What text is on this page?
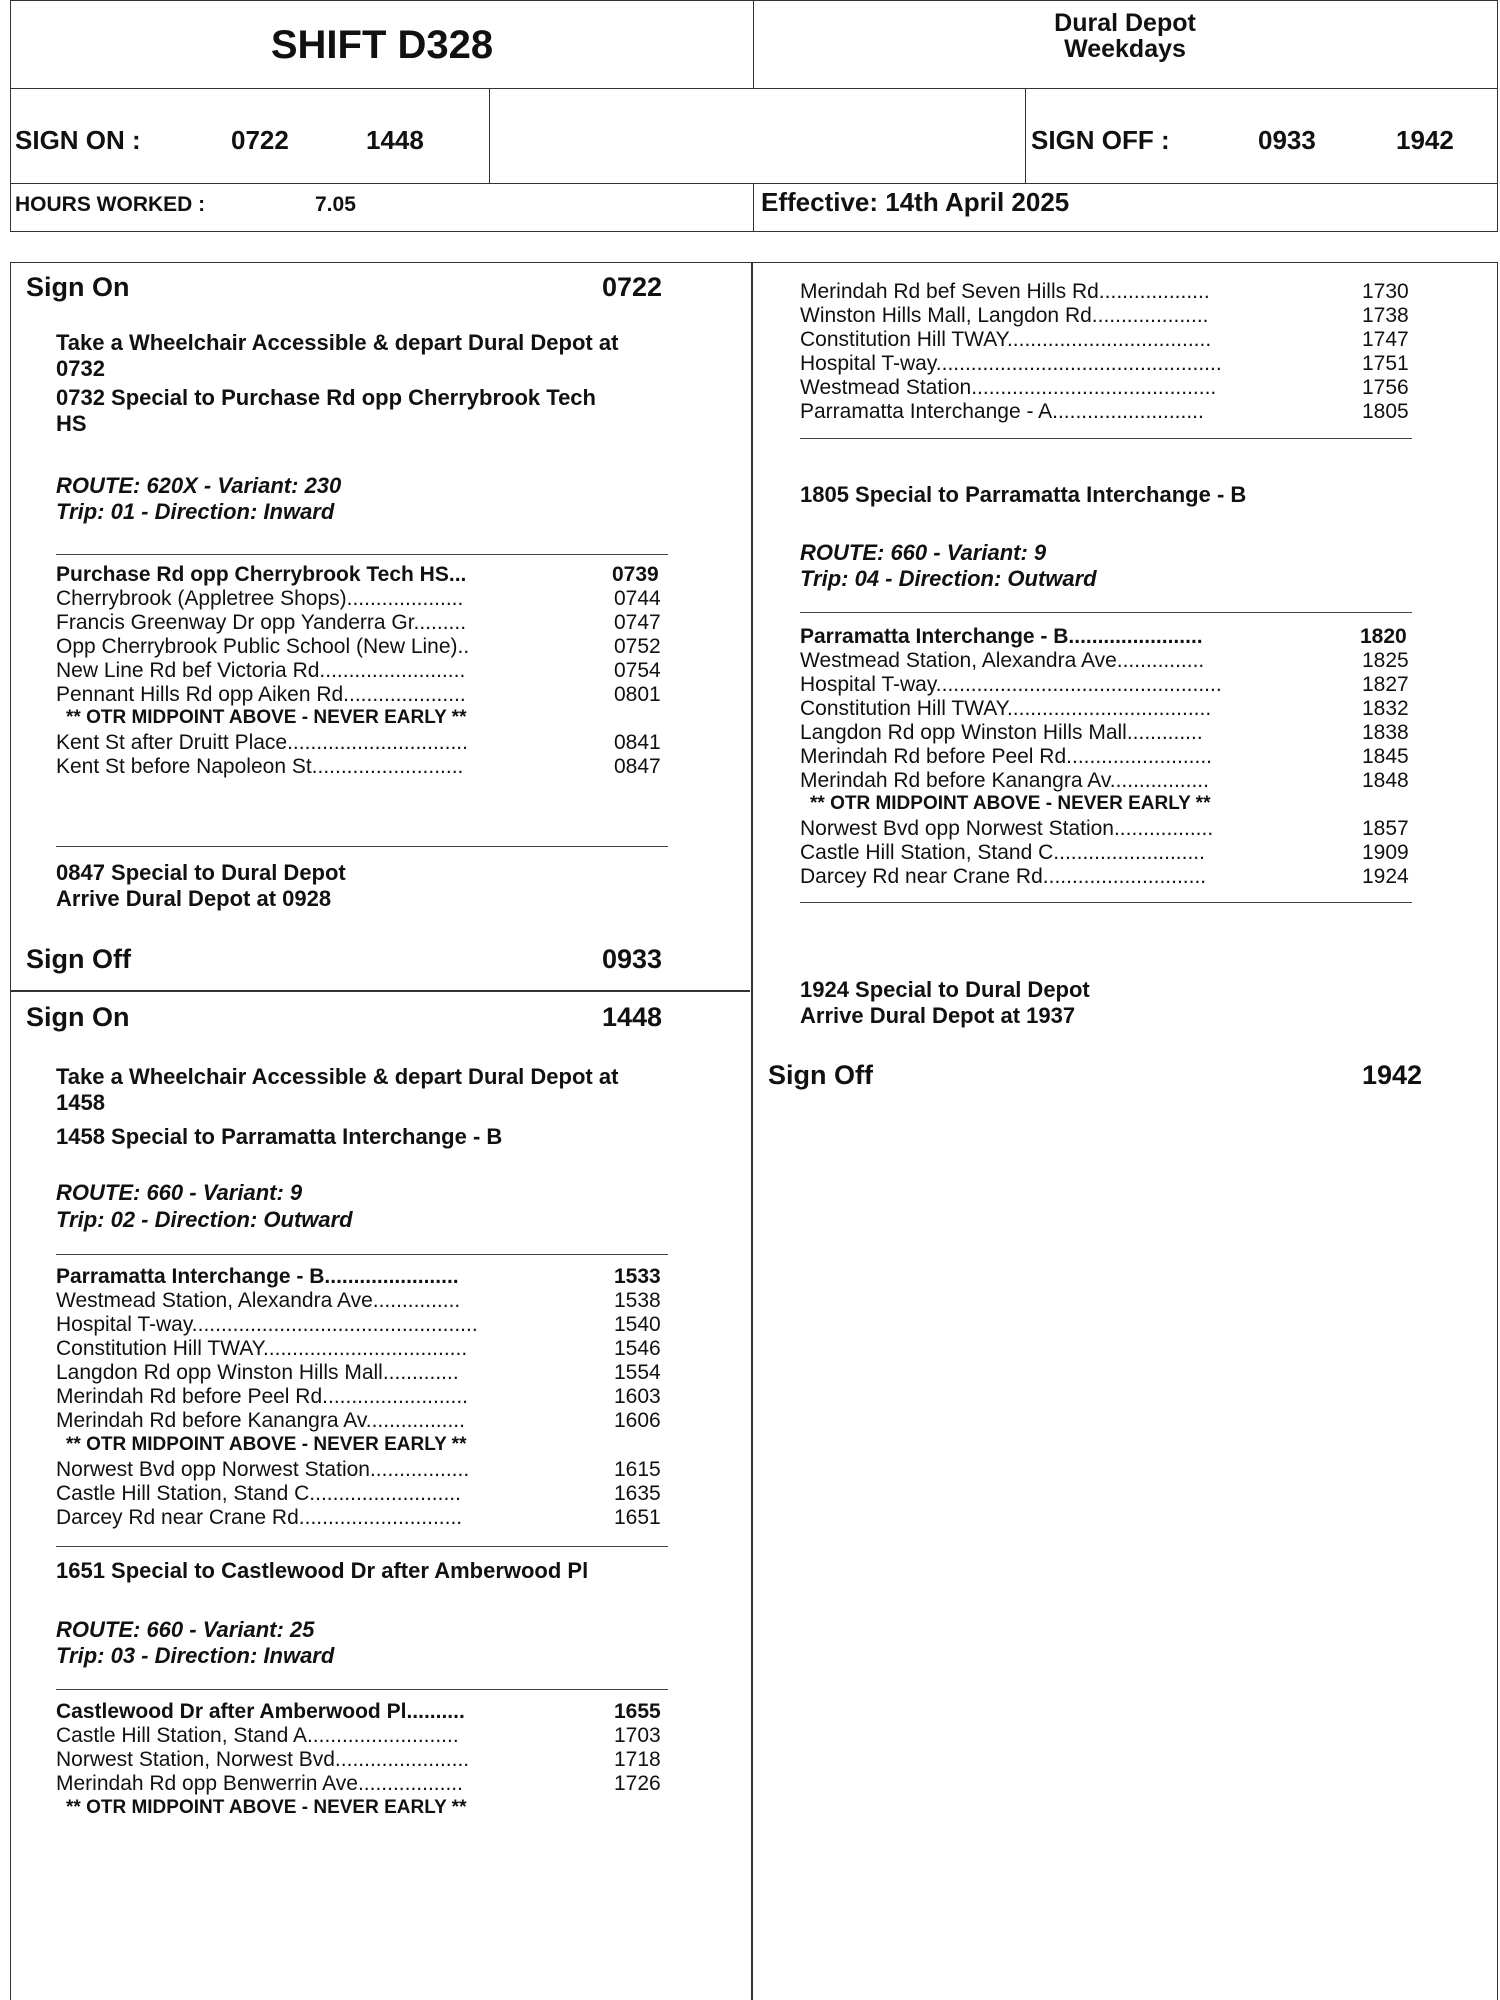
SHIFT D328	Dural Depot
Weekdays
SIGN ON :	0722	1448	SIGN OFF :	0933	1942
HOURS WORKED :	7.05	Effective: 14th April 2025
Sign On	0722
Take a Wheelchair Accessible & depart Dural Depot at
0732
0732 Special to Purchase Rd opp Cherrybrook Tech
HS
ROUTE: 620X - Variant: 230
Trip: 01 - Direction: Inward
Purchase Rd opp Cherrybrook Tech HS...	0739
Cherrybrook (Appletree Shops)....................	0744
Francis Greenway Dr opp Yanderra Gr.........	0747
Opp Cherrybrook Public School (New Line)..	0752
New Line Rd bef Victoria Rd.........................	0754
Pennant Hills Rd opp Aiken Rd.....................	0801
** OTR MIDPOINT ABOVE - NEVER EARLY **
Kent St after Druitt Place...............................	0841
Kent St before Napoleon St..........................	0847
0847 Special to Dural Depot
Arrive Dural Depot at 0928
Sign Off	0933
Sign On	1448
Take a Wheelchair Accessible & depart Dural Depot at
1458
1458 Special to Parramatta Interchange - B
ROUTE: 660 - Variant: 9
Trip: 02 - Direction: Outward
Parramatta Interchange - B.......................	1533
Westmead Station, Alexandra Ave...............	1538
Hospital T-way.................................................	1540
Constitution Hill TWAY...................................	1546
Langdon Rd opp Winston Hills Mall.............	1554
Merindah Rd before Peel Rd.........................	1603
Merindah Rd before Kanangra Av.................	1606
** OTR MIDPOINT ABOVE - NEVER EARLY **
Norwest Bvd opp Norwest Station.................	1615
Castle Hill Station, Stand C..........................	1635
Darcey Rd near Crane Rd............................	1651
1651 Special to Castlewood Dr after Amberwood Pl
ROUTE: 660 - Variant: 25
Trip: 03 - Direction: Inward
Castlewood Dr after Amberwood Pl..........	1655
Castle Hill Station, Stand A..........................	1703
Norwest Station, Norwest Bvd.......................	1718
Merindah Rd opp Benwerrin Ave..................	1726
** OTR MIDPOINT ABOVE - NEVER EARLY **
Merindah Rd bef Seven Hills Rd...................	1730
Winston Hills Mall, Langdon Rd....................	1738
Constitution Hill TWAY...................................	1747
Hospital T-way.................................................	1751
Westmead Station..........................................	1756
Parramatta Interchange - A..........................	1805
1805 Special to Parramatta Interchange - B
ROUTE: 660 - Variant: 9
Trip: 04 - Direction: Outward
Parramatta Interchange - B.......................	1820
Westmead Station, Alexandra Ave...............	1825
Hospital T-way.................................................	1827
Constitution Hill TWAY...................................	1832
Langdon Rd opp Winston Hills Mall.............	1838
Merindah Rd before Peel Rd.........................	1845
Merindah Rd before Kanangra Av.................	1848
** OTR MIDPOINT ABOVE - NEVER EARLY **
Norwest Bvd opp Norwest Station.................	1857
Castle Hill Station, Stand C..........................	1909
Darcey Rd near Crane Rd............................	1924
1924 Special to Dural Depot
Arrive Dural Depot at 1937
Sign Off	1942
